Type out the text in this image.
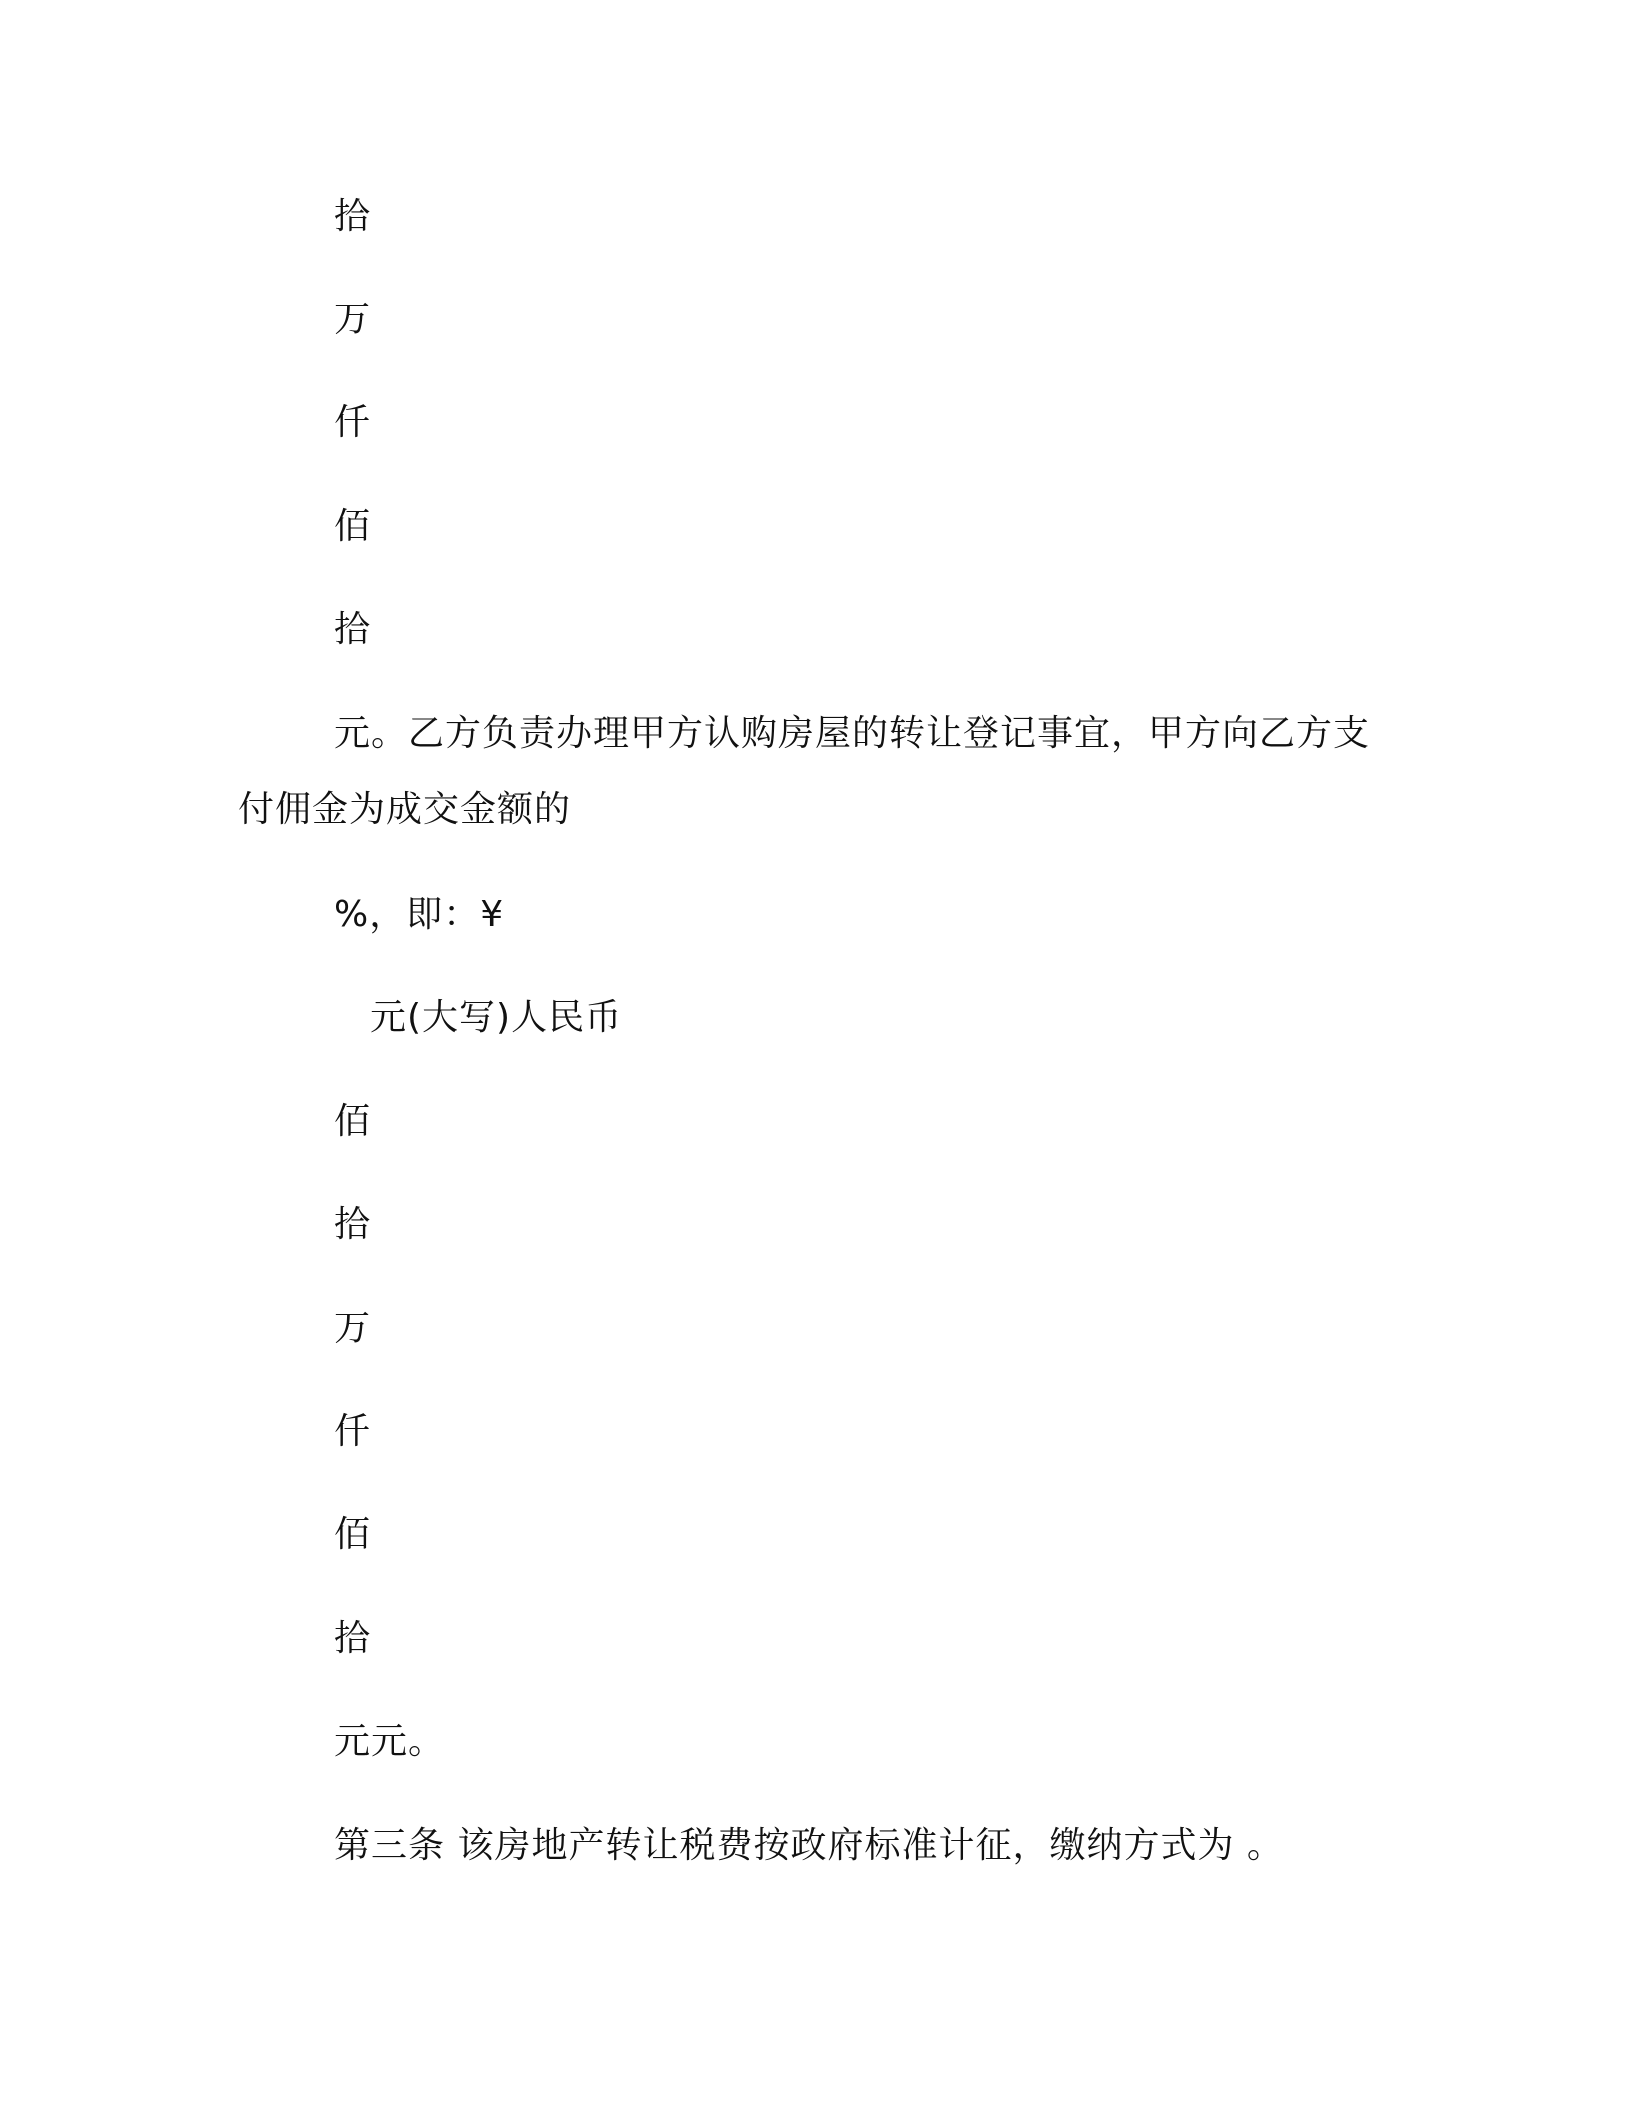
拾
万
仟
佰
拾
元。乙方负责办理甲方认购房屋的转让登记事宜，甲方向乙方支
付佣金为成交金额的
%，即：¥
元(大写)人民币
佰
拾
万
仟
佰
拾
元元。
第三条 该房地产转让税费按政府标准计征，缴纳方式为 。
